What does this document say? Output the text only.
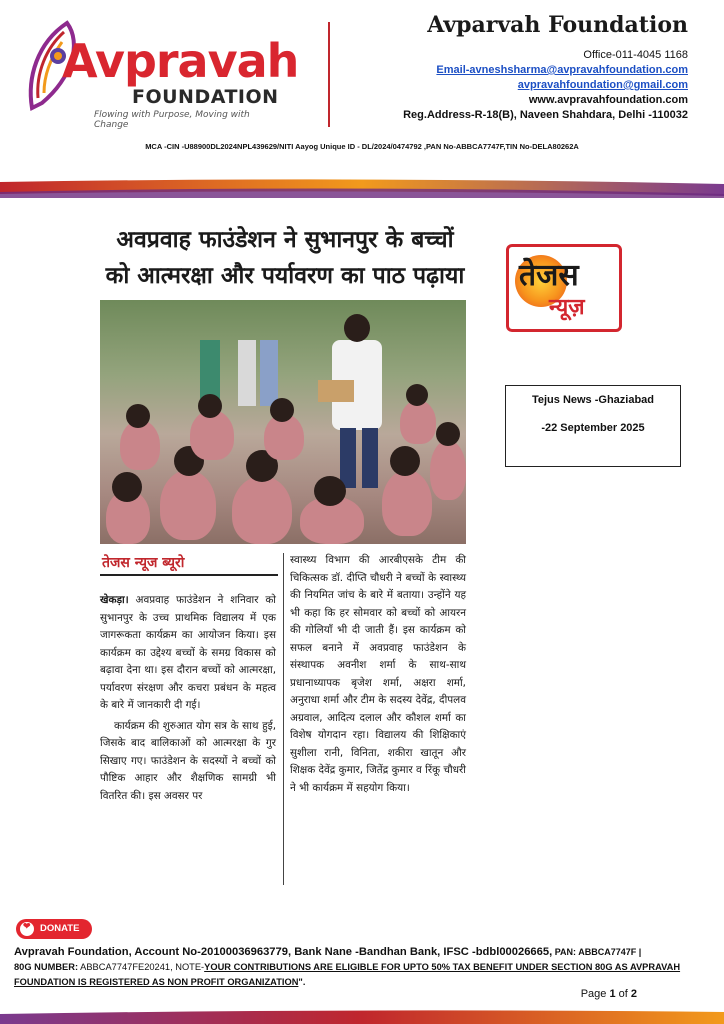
Avpravah
FOUNDATION
Flowing with Purpose, Moving with Change
Avparvah Foundation
Office-011-4045 1168
Email-avneshsharma@avpravahfoundation.com
avpravahfoundation@gmail.com
www.avpravahfoundation.com
Reg.Address-R-18(B), Naveen Shahdara, Delhi -110032
MCA -CIN -U88900DL2024NPL439629/NITI Aayog Unique ID - DL/2024/0474792 ,PAN No-ABBCA7747F,TIN No-DELA80262A
अवप्रवाह फाउंडेशन ने सुभानपुर के बच्चों
को आत्मरक्षा और पर्यावरण का पाठ पढ़ाया
तेजस न्यूज ब्यूरो

खेकड़ा। अवप्रवाह फाउंडेशन ने शनिवार को सुभानपुर के उच्च प्राथमिक विद्यालय में एक जागरूकता कार्यक्रम का आयोजन किया। इस कार्यक्रम का उद्देश्य बच्चों के समग्र विकास को बढ़ावा देना था। इस दौरान बच्चों को आत्मरक्षा, पर्यावरण संरक्षण और कचरा प्रबंधन के महत्व के बारे में जानकारी दी गई।

कार्यक्रम की शुरुआत योग सत्र के साथ हुई, जिसके बाद बालिकाओं को आत्मरक्षा के गुर सिखाए गए। फाउंडेशन के सदस्यों ने बच्चों को पौष्टिक आहार और शैक्षणिक सामग्री भी वितरित की। इस अवसर पर

स्वास्थ्य विभाग की आरबीएसके टीम की चिकित्सक डॉ. दीप्ति चौधरी ने बच्चों के स्वास्थ्य की नियमित जांच के बारे में बताया। उन्होंने यह भी कहा कि हर सोमवार को बच्चों को आयरन की गोलियाँ भी दी जाती हैं। इस कार्यक्रम को सफल बनाने में अवप्रवाह फाउंडेशन के संस्थापक अवनीश शर्मा के साथ-साथ प्रधानाध्यापक बृजेश शर्मा, अक्षरा शर्मा, अनुराधा शर्मा और टीम के सदस्य देवेंद्र, दीपलव अग्रवाल, आदित्य दलाल और कौशल शर्मा का विशेष योगदान रहा। विद्यालय की शिक्षिकाएं सुशीला रानी, विनिता, शकीरा खातून और शिक्षक देवेंद्र कुमार, जितेंद्र कुमार व रिंकू चौधरी ने भी कार्यक्रम में सहयोग किया।

तेजस
न्यूज़
Tejus News -Ghaziabad
-22 September 2025
❤ DONATE
Avpravah Foundation, Account No-20100036963779, Bank Nane -Bandhan Bank, IFSC -bdbl00026665, PAN: ABBCA7747F |
80G NUMBER: ABBCA7747FE20241, NOTE-YOUR CONTRIBUTIONS ARE ELIGIBLE FOR UPTO 50% TAX BENEFIT UNDER SECTION 80G AS AVPRAVAH FOUNDATION IS REGISTERED AS NON PROFIT ORGANIZATION".
Page 1 of 2
